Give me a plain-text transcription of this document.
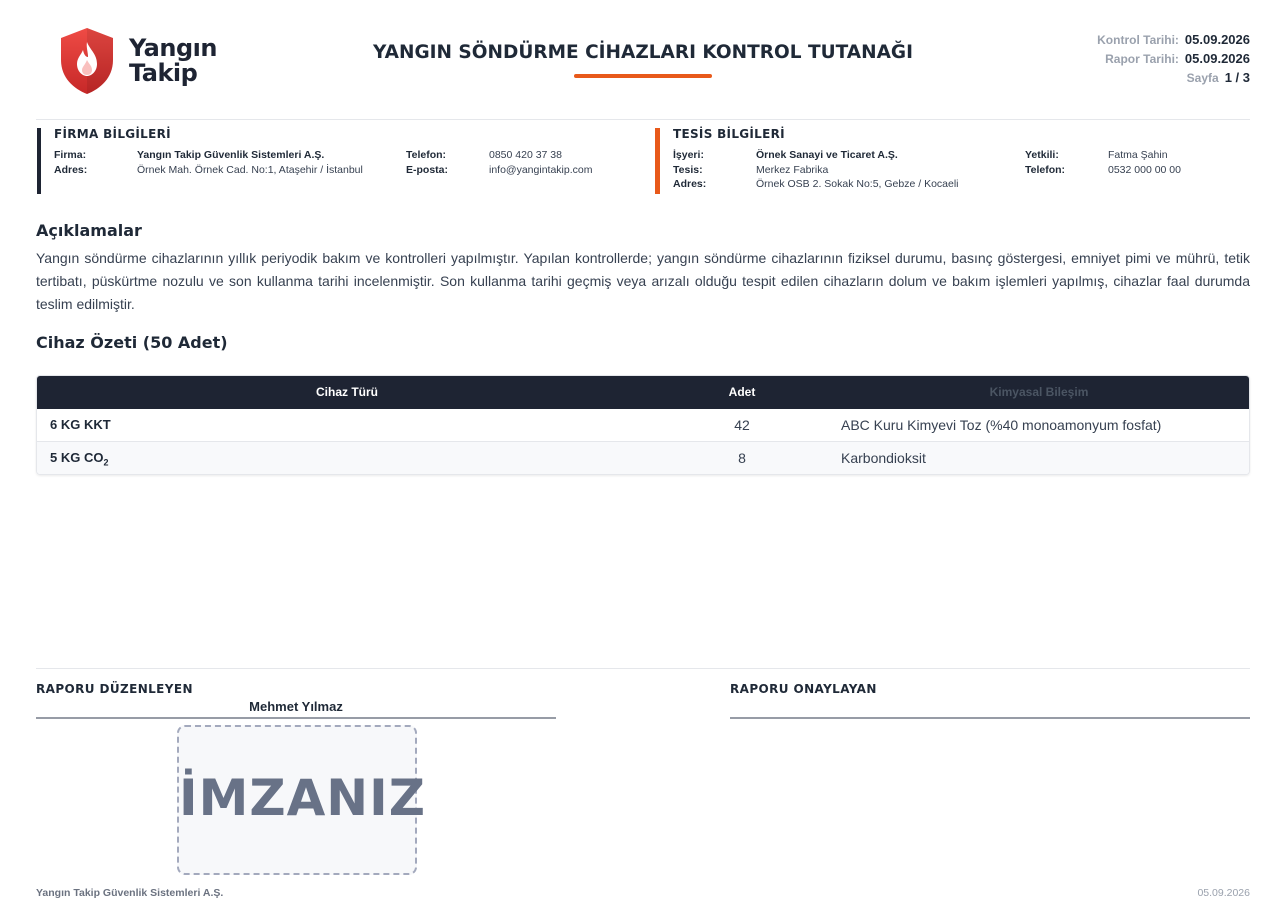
Yangın
Takip
YANGIN SÖNDÜRME CİHAZLARI KONTROL TUTANAĞI
Kontrol Tarihi: 05.09.2026
Rapor Tarihi: 05.09.2026
Sayfa 1 / 3
FİRMA BİLGİLERİ
Firma:	Yangın Takip Güvenlik Sistemleri A.Ş.
Adres:	Örnek Mah. Örnek Cad. No:1, Ataşehir / İstanbul
Telefon:	0850 420 37 38
E-posta:	info@yangintakip.com
TESİS BİLGİLERİ
İşyeri:	Örnek Sanayi ve Ticaret A.Ş.
Tesis:	Merkez Fabrika
Adres:	Örnek OSB 2. Sokak No:5, Gebze / Kocaeli
Yetkili:	Fatma Şahin
Telefon:	0532 000 00 00
Açıklamalar
Yangın söndürme cihazlarının yıllık periyodik bakım ve kontrolleri yapılmıştır. Yapılan kontrollerde; yangın söndürme cihazlarının fiziksel durumu, basınç göstergesi, emniyet pimi ve mührü, tetik tertibatı, püskürtme nozulu ve son kullanma tarihi incelenmiştir. Son kullanma tarihi geçmiş veya arızalı olduğu tespit edilen cihazların dolum ve bakım işlemleri yapılmış, cihazlar faal durumda teslim edilmiştir.
Cihaz Özeti (50 Adet)
Cihaz Türü	Adet	Kimyasal Bileşim
6 KG KKT	42	ABC Kuru Kimyevi Toz (%40 monoamonyum fosfat)
5 KG $CO_2$	8	Karbondioksit
RAPORU DÜZENLEYEN
Mehmet Yılmaz
İMZANIZ
RAPORU ONAYLAYAN
Yangın Takip Güvenlik Sistemleri A.Ş.	05.09.2026
